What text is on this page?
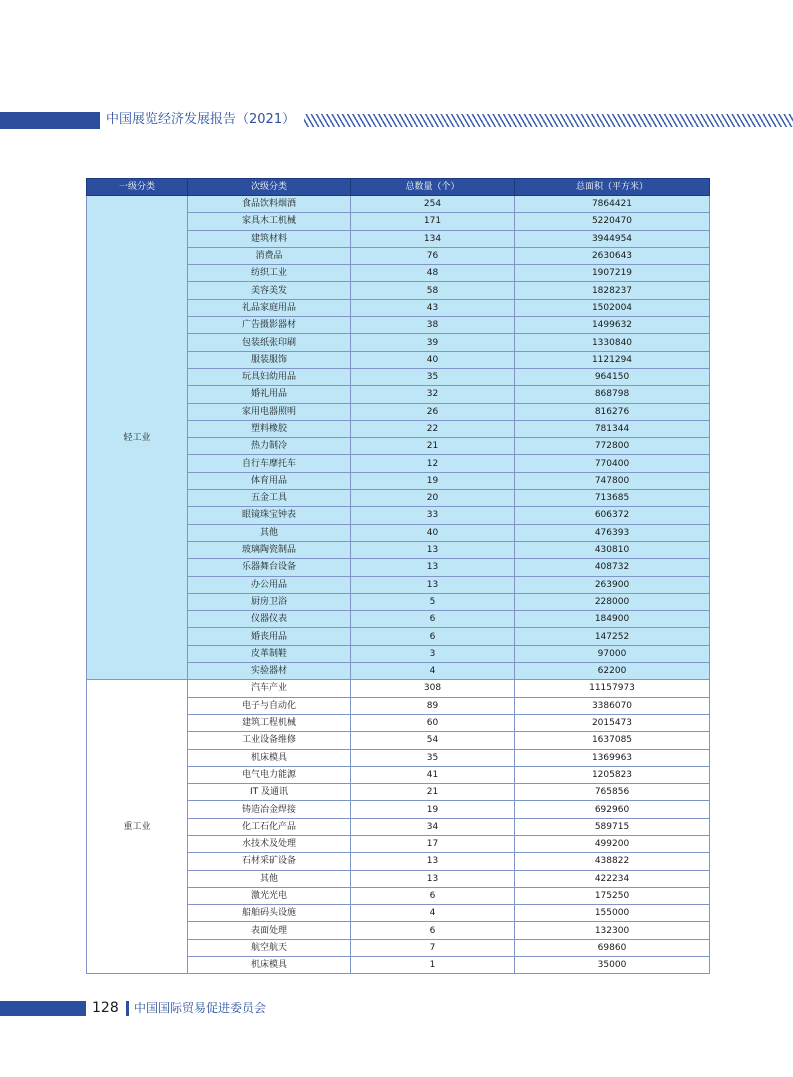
中国展览经济发展报告（2021）
一级分类	次级分类	总数量（个）	总面积（平方米）
轻工业	食品饮料烟酒	254	7864421
	家具木工机械	171	5220470
	建筑材料	134	3944954
	消费品	76	2630643
	纺织工业	48	1907219
	美容美发	58	1828237
	礼品家庭用品	43	1502004
	广告摄影器材	38	1499632
	包装纸张印刷	39	1330840
	服装服饰	40	1121294
	玩具妇幼用品	35	964150
	婚礼用品	32	868798
	家用电器照明	26	816276
	塑料橡胶	22	781344
	热力制冷	21	772800
	自行车摩托车	12	770400
	体育用品	19	747800
	五金工具	20	713685
	眼镜珠宝钟表	33	606372
	其他	40	476393
	玻璃陶瓷制品	13	430810
	乐器舞台设备	13	408732
	办公用品	13	263900
	厨房卫浴	5	228000
	仪器仪表	6	184900
	婚丧用品	6	147252
	皮革制鞋	3	97000
	实验器材	4	62200
重工业	汽车产业	308	11157973
	电子与自动化	89	3386070
	建筑工程机械	60	2015473
	工业设备维修	54	1637085
	机床模具	35	1369963
	电气电力能源	41	1205823
	IT 及通讯	21	765856
	铸造冶金焊接	19	692960
	化工石化产品	34	589715
	水技术及处理	17	499200
	石材采矿设备	13	438822
	其他	13	422234
	激光光电	6	175250
	船舶码头设施	4	155000
	表面处理	6	132300
	航空航天	7	69860
	机床模具	1	35000
128 中国国际贸易促进委员会
